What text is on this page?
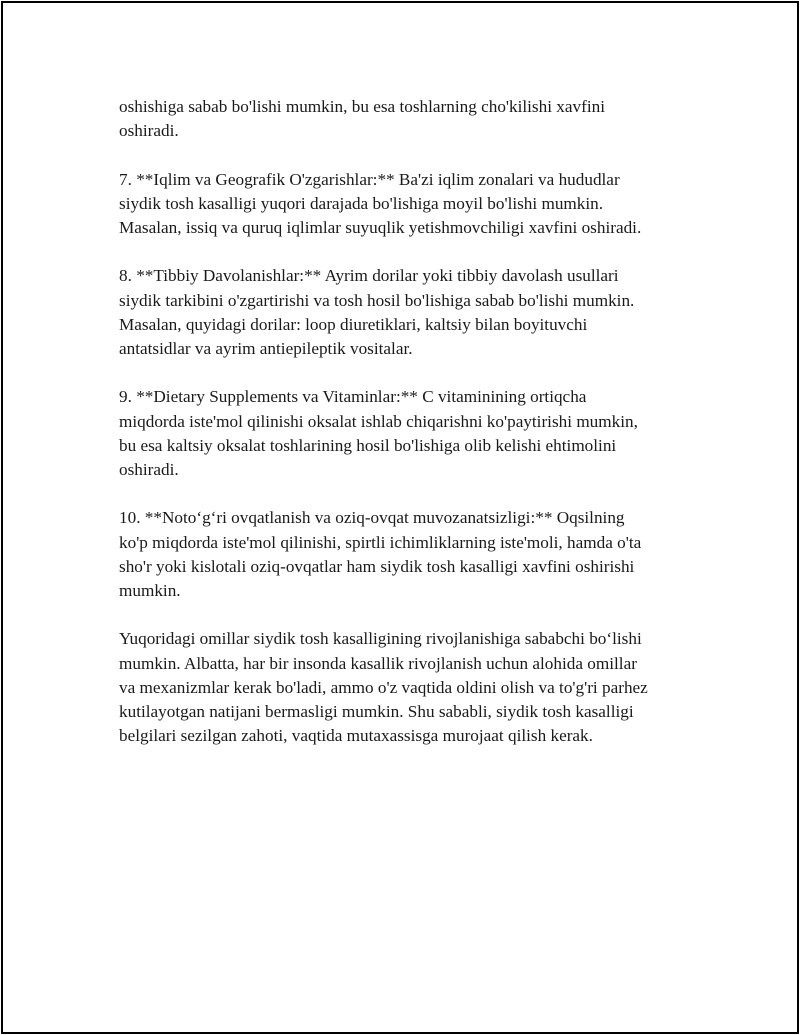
oshishiga sabab bo'lishi mumkin, bu esa toshlarning cho'kilishi xavfini
oshiradi.

7. **Iqlim va Geografik O'zgarishlar:** Ba'zi iqlim zonalari va hududlar
siydik tosh kasalligi yuqori darajada bo'lishiga moyil bo'lishi mumkin.
Masalan, issiq va quruq iqlimlar suyuqlik yetishmovchiligi xavfini oshiradi.

8. **Tibbiy Davolanishlar:** Ayrim dorilar yoki tibbiy davolash usullari
siydik tarkibini o'zgartirishi va tosh hosil bo'lishiga sabab bo'lishi mumkin.
Masalan, quyidagi dorilar: loop diuretiklari, kaltsiy bilan boyituvchi
antatsidlar va ayrim antiepileptik vositalar.

9. **Dietary Supplements va Vitaminlar:** C vitaminining ortiqcha
miqdorda iste'mol qilinishi oksalat ishlab chiqarishni ko'paytirishi mumkin,
bu esa kaltsiy oksalat toshlarining hosil bo'lishiga olib kelishi ehtimolini
oshiradi.

10. **Noto‘g‘ri ovqatlanish va oziq-ovqat muvozanatsizligi:** Oqsilning
ko'p miqdorda iste'mol qilinishi, spirtli ichimliklarning iste'moli, hamda o'ta
sho'r yoki kislotali oziq-ovqatlar ham siydik tosh kasalligi xavfini oshirishi
mumkin.

Yuqoridagi omillar siydik tosh kasalligining rivojlanishiga sababchi bo‘lishi
mumkin. Albatta, har bir insonda kasallik rivojlanish uchun alohida omillar
va mexanizmlar kerak bo'ladi, ammo o'z vaqtida oldini olish va to'g'ri parhez
kutilayotgan natijani bermasligi mumkin. Shu sababli, siydik tosh kasalligi
belgilari sezilgan zahoti, vaqtida mutaxassisga murojaat qilish kerak.
